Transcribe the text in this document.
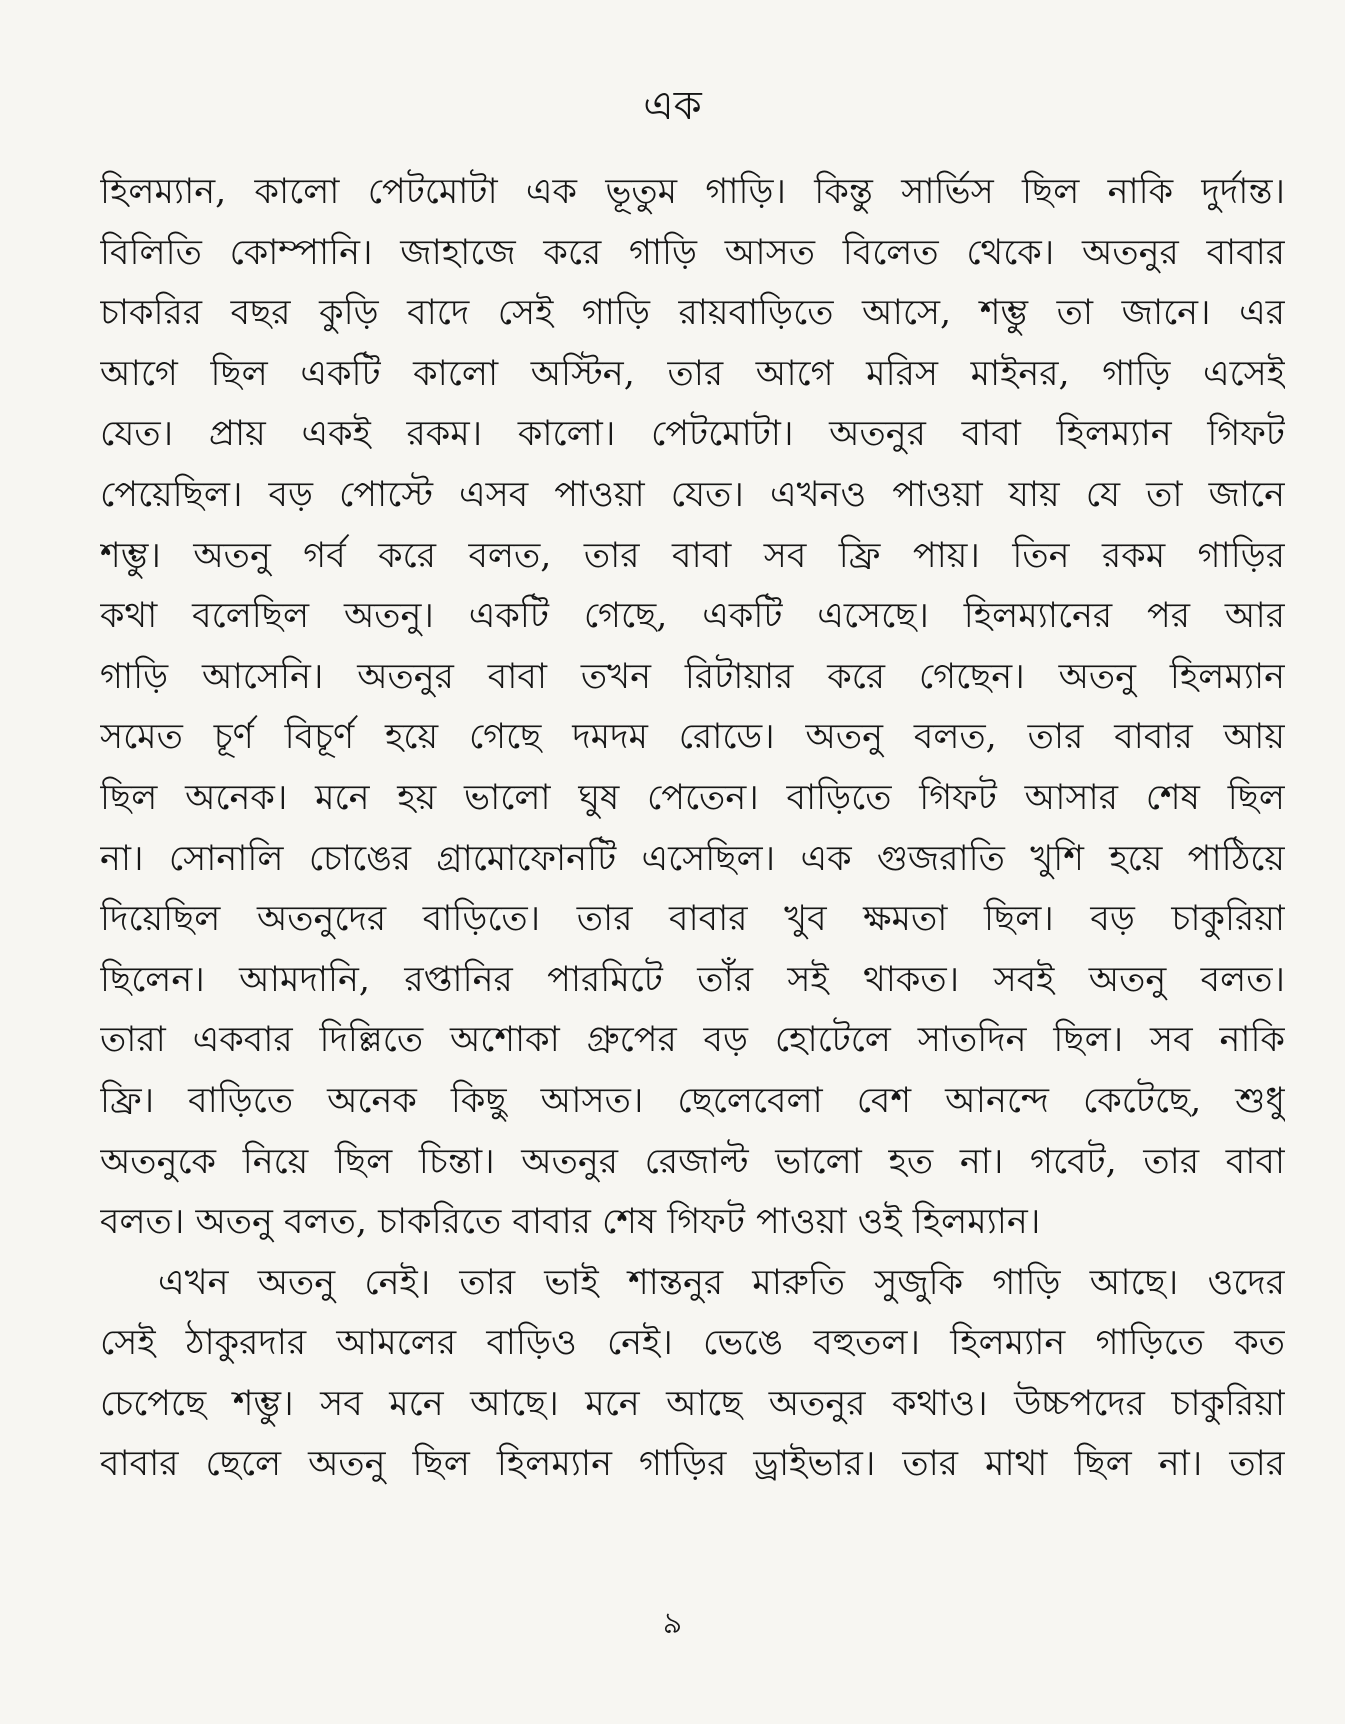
এক
হিলম্যান, কালো পেটমোটা এক ভূতুম গাড়ি। কিন্তু সার্ভিস ছিল নাকি দুর্দান্ত।
বিলিতি কোম্পানি। জাহাজে করে গাড়ি আসত বিলেত থেকে। অতনুর বাবার
চাকরির বছর কুড়ি বাদে সেই গাড়ি রায়বাড়িতে আসে, শম্ভু তা জানে। এর
আগে ছিল একটি কালো অস্টিন, তার আগে মরিস মাইনর, গাড়ি এসেই
যেত। প্রায় একই রকম। কালো। পেটমোটা। অতনুর বাবা হিলম্যান গিফট
পেয়েছিল। বড় পোস্টে এসব পাওয়া যেত। এখনও পাওয়া যায় যে তা জানে
শম্ভু। অতনু গর্ব করে বলত, তার বাবা সব ফ্রি পায়। তিন রকম গাড়ির
কথা বলেছিল অতনু। একটি গেছে, একটি এসেছে। হিলম্যানের পর আর
গাড়ি আসেনি। অতনুর বাবা তখন রিটায়ার করে গেছেন। অতনু হিলম্যান
সমেত চূর্ণ বিচূর্ণ হয়ে গেছে দমদম রোডে। অতনু বলত, তার বাবার আয়
ছিল অনেক। মনে হয় ভালো ঘুষ পেতেন। বাড়িতে গিফট আসার শেষ ছিল
না। সোনালি চোঙের গ্রামোফোনটি এসেছিল। এক গুজরাতি খুশি হয়ে পাঠিয়ে
দিয়েছিল অতনুদের বাড়িতে। তার বাবার খুব ক্ষমতা ছিল। বড় চাকুরিয়া
ছিলেন। আমদানি, রপ্তানির পারমিটে তাঁর সই থাকত। সবই অতনু বলত।
তারা একবার দিল্লিতে অশোকা গ্রুপের বড় হোটেলে সাতদিন ছিল। সব নাকি
ফ্রি। বাড়িতে অনেক কিছু আসত। ছেলেবেলা বেশ আনন্দে কেটেছে, শুধু
অতনুকে নিয়ে ছিল চিন্তা। অতনুর রেজাল্ট ভালো হত না। গবেট, তার বাবা
বলত। অতনু বলত, চাকরিতে বাবার শেষ গিফট পাওয়া ওই হিলম্যান।
এখন অতনু নেই। তার ভাই শান্তনুর মারুতি সুজুকি গাড়ি আছে। ওদের
সেই ঠাকুরদার আমলের বাড়িও নেই। ভেঙে বহুতল। হিলম্যান গাড়িতে কত
চেপেছে শম্ভু। সব মনে আছে। মনে আছে অতনুর কথাও। উচ্চপদের চাকুরিয়া
বাবার ছেলে অতনু ছিল হিলম্যান গাড়ির ড্রাইভার। তার মাথা ছিল না। তার
৯
